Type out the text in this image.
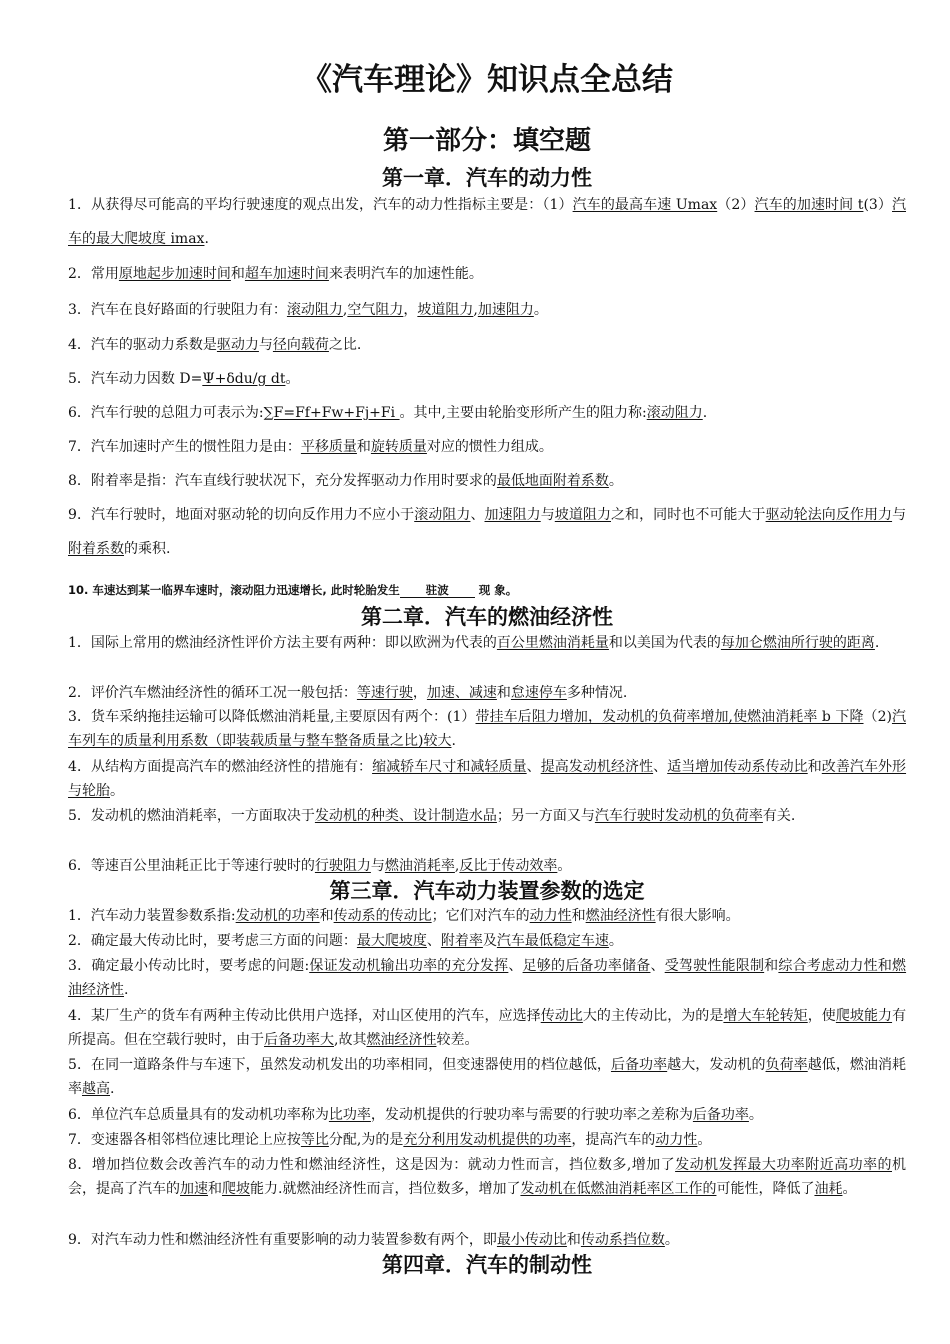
《汽车理论》知识点全总结
第一部分：填空题
第一章．汽车的动力性
1．从获得尽可能高的平均行驶速度的观点出发，汽车的动力性指标主要是：（1）汽车的最高车速 Umax（2）汽车的加速时间 t(3）汽车的最大爬坡度 imax.
2．常用原地起步加速时间和超车加速时间来表明汽车的加速性能。
3．汽车在良好路面的行驶阻力有：滚动阻力,空气阻力，坡道阻力,加速阻力。
4．汽车的驱动力系数是驱动力与径向载荷之比.
5．汽车动力因数 D=Ψ+δdu/g dt。
6．汽车行驶的总阻力可表示为:∑F=Ff+Fw+Fj+Fi 。其中,主要由轮胎变形所产生的阻力称:滚动阻力.
7．汽车加速时产生的惯性阻力是由：平移质量和旋转质量对应的惯性力组成。
8．附着率是指：汽车直线行驶状况下，充分发挥驱动力作用时要求的最低地面附着系数。
9．汽车行驶时，地面对驱动轮的切向反作用力不应小于滚动阻力、加速阻力与坡道阻力之和，同时也不可能大于驱动轮法向反作用力与附着系数的乘积.
10. 车速达到某一临界车速时，滚动阻力迅速增长, 此时轮胎发生      驻波       现 象。
第二章．汽车的燃油经济性
1．国际上常用的燃油经济性评价方法主要有两种：即以欧洲为代表的百公里燃油消耗量和以美国为代表的每加仑燃油所行驶的距离.
2．评价汽车燃油经济性的循环工况一般包括：等速行驶，加速、减速和怠速停车多种情况.
3．货车采纳拖挂运输可以降低燃油消耗量,主要原因有两个：(1）带挂车后阻力增加，发动机的负荷率增加,使燃油消耗率 b 下降（2)汽车列车的质量利用系数（即装载质量与整车整备质量之比)较大.
4．从结构方面提高汽车的燃油经济性的措施有：缩减轿车尺寸和减轻质量、提高发动机经济性、适当增加传动系传动比和改善汽车外形与轮胎。
5．发动机的燃油消耗率，一方面取决于发动机的种类、设计制造水品；另一方面又与汽车行驶时发动机的负荷率有关.
6．等速百公里油耗正比于等速行驶时的行驶阻力与燃油消耗率,反比于传动效率。
第三章．汽车动力装置参数的选定
1．汽车动力装置参数系指:发动机的功率和传动系的传动比；它们对汽车的动力性和燃油经济性有很大影响。
2．确定最大传动比时，要考虑三方面的问题：最大爬坡度、附着率及汽车最低稳定车速。
3．确定最小传动比时，要考虑的问题:保证发动机输出功率的充分发挥、足够的后备功率储备、受驾驶性能限制和综合考虑动力性和燃油经济性.
4．某厂生产的货车有两种主传动比供用户选择，对山区使用的汽车，应选择传动比大的主传动比，为的是增大车轮转矩，使爬坡能力有所提高。但在空载行驶时，由于后备功率大,故其燃油经济性较差。
5．在同一道路条件与车速下，虽然发动机发出的功率相同，但变速器使用的档位越低，后备功率越大，发动机的负荷率越低，燃油消耗率越高.
6．单位汽车总质量具有的发动机功率称为比功率，发动机提供的行驶功率与需要的行驶功率之差称为后备功率。
7．变速器各相邻档位速比理论上应按等比分配,为的是充分利用发动机提供的功率，提高汽车的动力性。
8．增加挡位数会改善汽车的动力性和燃油经济性，这是因为：就动力性而言，挡位数多,增加了发动机发挥最大功率附近高功率的机会，提高了汽车的加速和爬坡能力.就燃油经济性而言，挡位数多，增加了发动机在低燃油消耗率区工作的可能性，降低了油耗。
9．对汽车动力性和燃油经济性有重要影响的动力装置参数有两个，即最小传动比和传动系挡位数。
第四章．汽车的制动性
